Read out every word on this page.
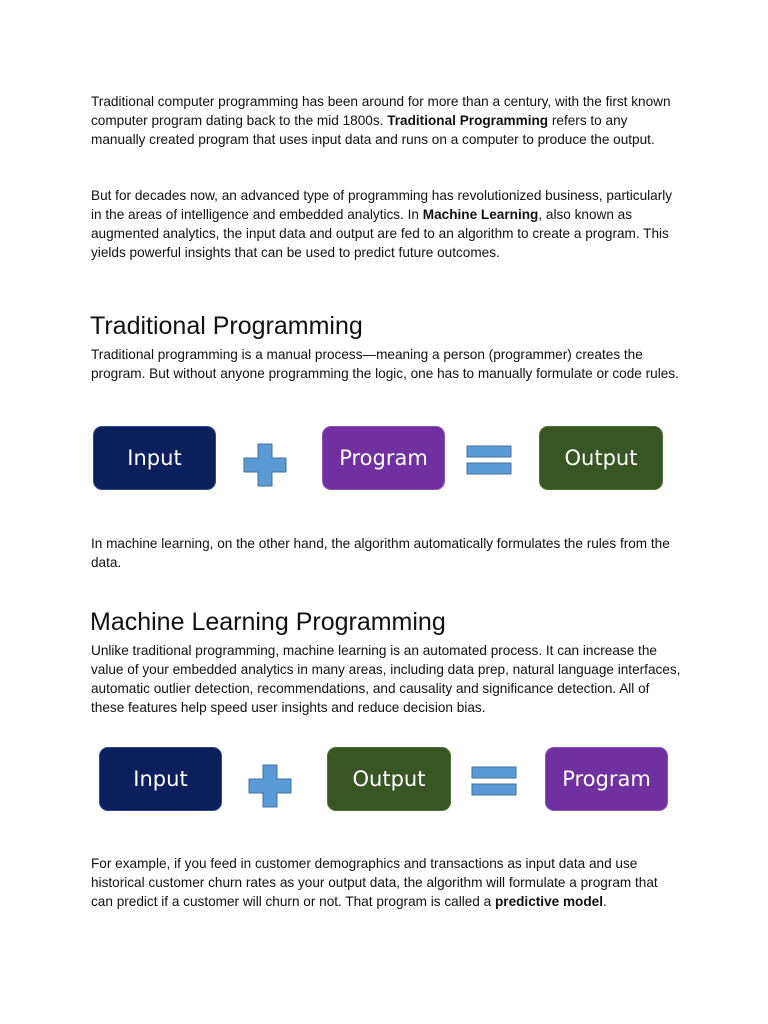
Traditional computer programming has been around for more than a century, with the first known computer program dating back to the mid 1800s. Traditional Programming refers to any manually created program that uses input data and runs on a computer to produce the output.

But for decades now, an advanced type of programming has revolutionized business, particularly in the areas of intelligence and embedded analytics. In Machine Learning, also known as augmented analytics, the input data and output are fed to an algorithm to create a program. This yields powerful insights that can be used to predict future outcomes.

Traditional Programming

Traditional programming is a manual process—meaning a person (programmer) creates the program. But without anyone programming the logic, one has to manually formulate or code rules.

Input	Program	Output

In machine learning, on the other hand, the algorithm automatically formulates the rules from the data.

Machine Learning Programming

Unlike traditional programming, machine learning is an automated process. It can increase the value of your embedded analytics in many areas, including data prep, natural language interfaces, automatic outlier detection, recommendations, and causality and significance detection. All of these features help speed user insights and reduce decision bias.

Input	Output	Program

For example, if you feed in customer demographics and transactions as input data and use historical customer churn rates as your output data, the algorithm will formulate a program that can predict if a customer will churn or not. That program is called a predictive model.
